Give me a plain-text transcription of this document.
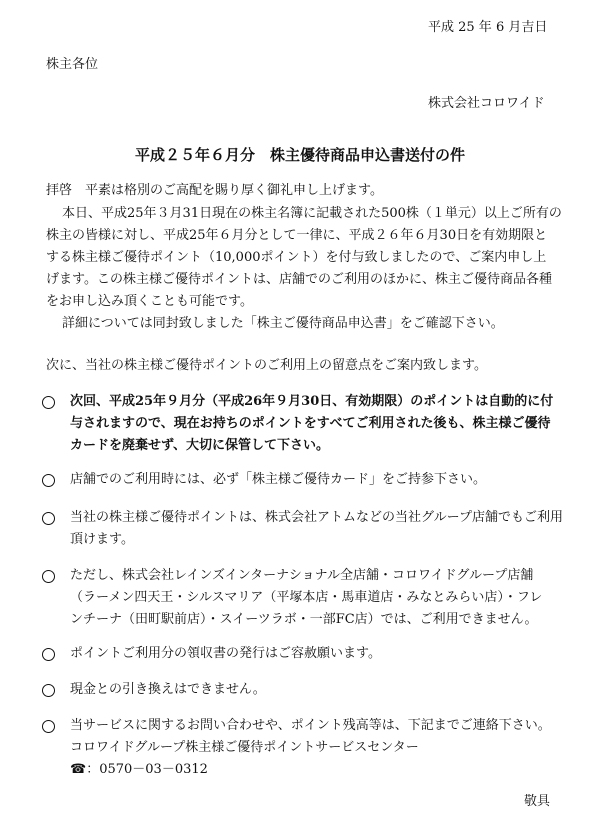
平成 25 年 6 月吉日
株主各位
株式会社コロワイド
平成２５年６月分　株主優待商品申込書送付の件
拝啓　平素は格別のご高配を賜り厚く御礼申し上げます。
本日、平成25年３月31日現在の株主名簿に記載された500株（１単元）以上ご所有の
株主の皆様に対し、平成25年６月分として一律に、平成２６年６月30日を有効期限と
する株主様ご優待ポイント（10,000ポイント）を付与致しましたので、ご案内申し上
げます。この株主様ご優待ポイントは、店舗でのご利用のほかに、株主ご優待商品各種
をお申し込み頂くことも可能です。
詳細については同封致しました「株主ご優待商品申込書」をご確認下さい。
次に、当社の株主様ご優待ポイントのご利用上の留意点をご案内致します。
次回、平成25年９月分（平成26年９月30日、有効期限）のポイントは自動的に付
与されますので、現在お持ちのポイントをすべてご利用された後も、株主様ご優待
カードを廃棄せず、大切に保管して下さい。
店舗でのご利用時には、必ず「株主様ご優待カード」をご持参下さい。
当社の株主様ご優待ポイントは、株式会社アトムなどの当社グループ店舗でもご利用
頂けます。
ただし、株式会社レインズインターナショナル全店舗・コロワイドグループ店舗
（ラーメン四天王・シルスマリア（平塚本店・馬車道店・みなとみらい店）・フレ
ンチーナ（田町駅前店）・スイーツラボ・一部FC店）では、ご利用できません。
ポイントご利用分の領収書の発行はご容赦願います。
現金との引き換えはできません。
当サービスに関するお問い合わせや、ポイント残高等は、下記までご連絡下さい。
コロワイドグループ株主様ご優待ポイントサービスセンター
☎：0570－03－0312
敬具
